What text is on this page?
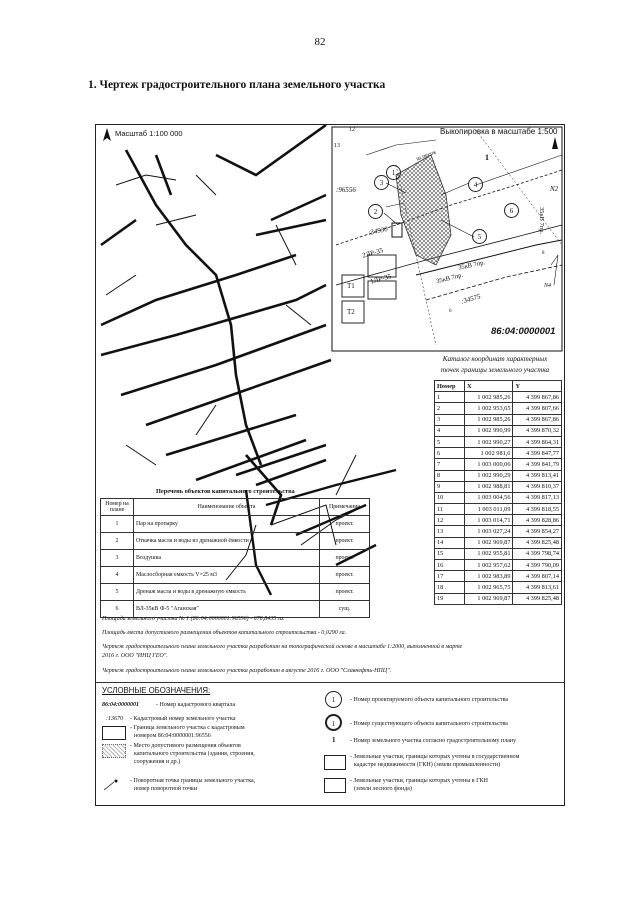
82
1. Чертеж градостроительного плана земельного участка
Масштаб 1:100 000	Выкопировка в масштабе 1:500
ш.песок
:96556
1
N2
N4
12
13
6
8
:34930
:34575
2ЛР-35
1ЛР-35
Т1
Т2
35кВ 7пр.
35кВ 7пр.
35кВ 7пр.
3
1
2
4
5
6
86:04:0000001
Каталог координат характерных
точек границы земельного участка
Номер	X	Y
1	1 002 985,26	4 399 867,86
2	1 002 953,65	4 399 807,66
3	1 002 985,26	4 399 867,86
4	1 002 990,99	4 399 870,32
5	1 002 990,27	4 399 864,31
6	1 002 981,6	4 399 847,77
7	1 003 000,06	4 399 841,79
8	1 002 990,29	4 399 813,41
9	1 002 988,81	4 399 810,37
10	1 003 004,56	4 399 817,13
11	1 003 011,09	4 399 818,55
12	1 003 014,71	4 399 828,86
13	1 003 027,24	4 399 854,27
14	1 002 969,87	4 399 825,48
15	1 002 955,81	4 399 798,74
16	1 002 957,62	4 399 790,09
17	1 002 983,89	4 399 807,14
18	1 002 965,75	4 399 813,61
19	1 002 969,87	4 399 825,48
Перечень объектов капитального строительства
Номер на плане	Наименование объекта	Примечание
1	Пар на пропарку	проект.
2	Откачка масла и воды из дренажной ёмкости	проект.
3	Воздушка	проект.
4	Маслосборная емкость V=25 м3	проект.
5	Дренаж масла и воды в дренажную емкость	проект.
6	ВЛ-35кВ Ф-5 "Аганская"	сущ.
Площадь земельного участка № 1 (86:04:0000001:96556) - 678,8435 га.
Площадь места допустимого размещения объектов капитального строительства - 0,0290 га.
Чертеж градостроительного плана земельного участка разработан на топографической основе в масштабе 1:2000, выполненной в марте
2016 г. ООО "ИНЦ ГЕО".
Чертеж градостроительного плана земельного участка разработан в августе 2016 г. ООО "Славнефть-НПЦ".
УСЛОВНЫЕ ОБОЗНАЧЕНИЯ:
86:04:0000001	- Номер кадастрового квартала
:13670 - Кадастровый номер земельного участка
- Граница земельного участка с кадастровым
номером 86:04:0000001:96556
- Место допустимого размещения объектов
капитального строительства (здания, строения,
сооружения и др.)
- Поворотная точка границы земельного участка,
номер поворотной точки
1	- Номер проектируемого объекта капитального строительства
1	- Номер существующего объекта капитального строительства
1 - Номер земельного участка согласно градостроительному плану
- Земельные участки, границы которых учтены в государственном
кадастре недвижимости (ГКН) (земли промышленности)
- Земельные участки, границы которых учтены в ГКН
(земли лесного фонда)
